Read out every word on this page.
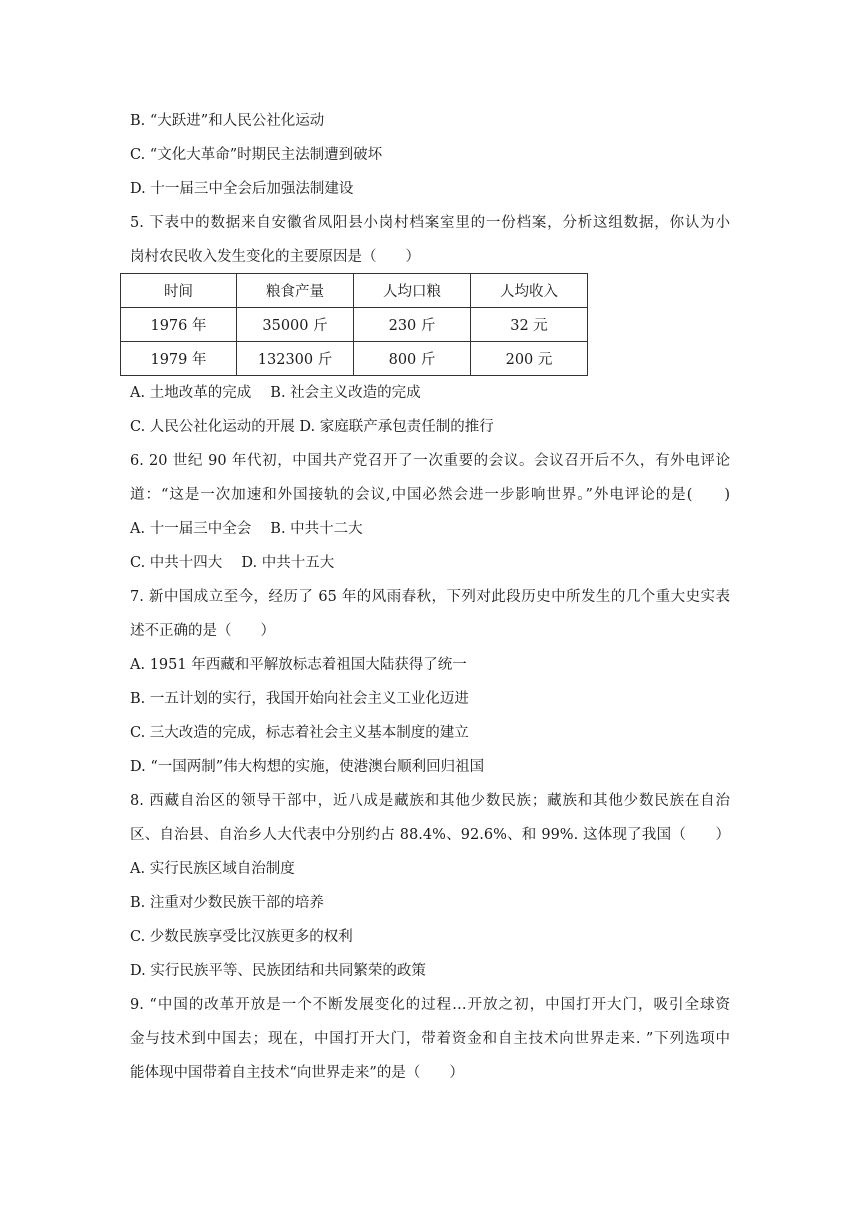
B. “大跃进”和人民公社化运动
C. “文化大革命”时期民主法制遭到破坏
D. 十一届三中全会后加强法制建设
5. 下表中的数据来自安徽省凤阳县小岗村档案室里的一份档案，分析这组数据，你认为小
岗村农民收入发生变化的主要原因是（　　）
时间	粮食产量	人均口粮	人均收入
1976 年	35000 斤	230 斤	32 元
1979 年	132300 斤	800 斤	200 元
A. 土地改革的完成　 B. 社会主义改造的完成
C. 人民公社化运动的开展 D. 家庭联产承包责任制的推行
6. 20 世纪 90 年代初，中国共产党召开了一次重要的会议。会议召开后不久，有外电评论
道：“这是一次加速和外国接轨的会议,中国必然会进一步影响世界。”外电评论的是(　　)
A. 十一届三中全会　 B. 中共十二大
C. 中共十四大　 D. 中共十五大
7. 新中国成立至今，经历了 65 年的风雨春秋，下列对此段历史中所发生的几个重大史实表
述不正确的是（　　）
A. 1951 年西藏和平解放标志着祖国大陆获得了统一
B. 一五计划的实行，我国开始向社会主义工业化迈进
C. 三大改造的完成，标志着社会主义基本制度的建立
D. “一国两制”伟大构想的实施，使港澳台顺利回归祖国
8. 西藏自治区的领导干部中，近八成是藏族和其他少数民族；藏族和其他少数民族在自治
区、自治县、自治乡人大代表中分别约占 88.4%、92.6%、和 99%. 这体现了我国（　　）
A. 实行民族区域自治制度
B. 注重对少数民族干部的培养
C. 少数民族享受比汉族更多的权利
D. 实行民族平等、民族团结和共同繁荣的政策
9. “中国的改革开放是一个不断发展变化的过程…开放之初，中国打开大门，吸引全球资
金与技术到中国去；现在，中国打开大门，带着资金和自主技术向世界走来. ”下列选项中
能体现中国带着自主技术“向世界走来”的是（　　）
